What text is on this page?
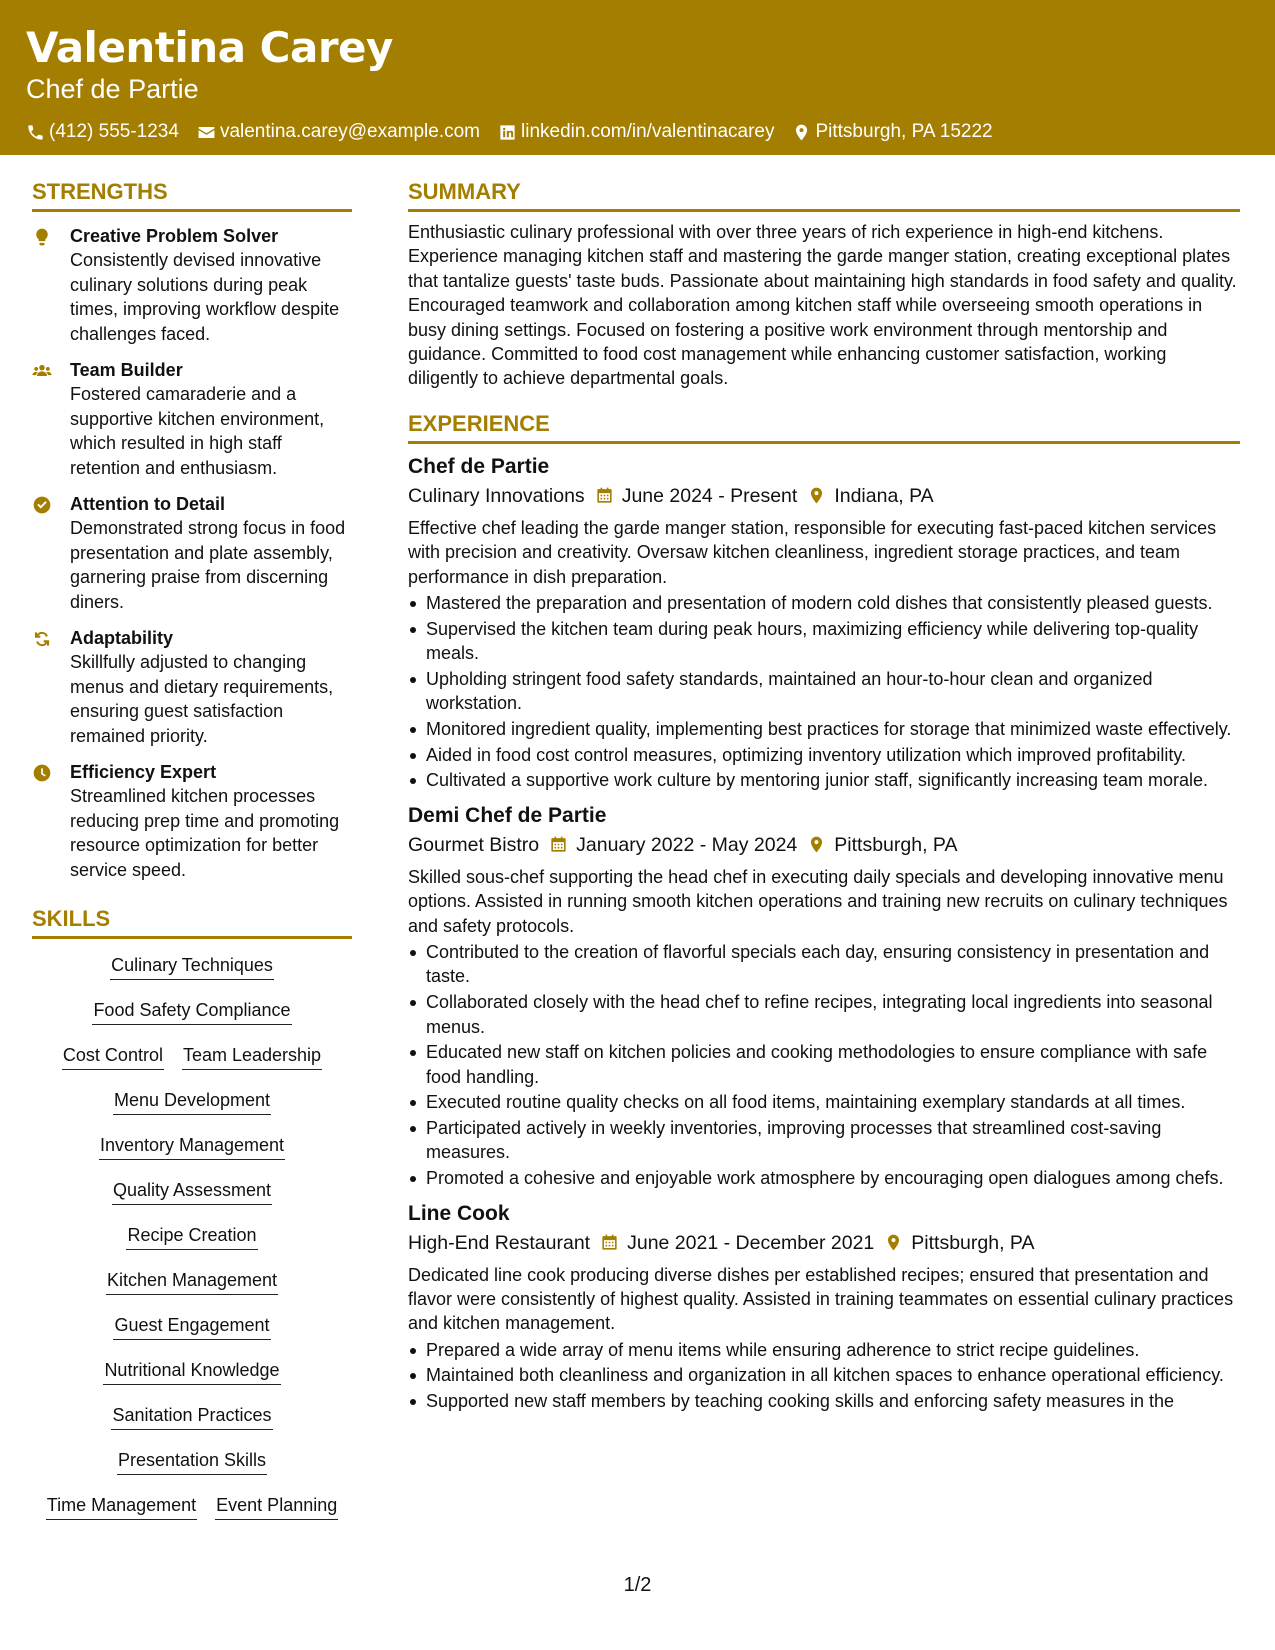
Valentina Carey
Chef de Partie
(412) 555-1234 valentina.carey@example.com linkedin.com/in/valentinacarey Pittsburgh, PA 15222
STRENGTHS
Creative Problem Solver
Consistently devised innovative culinary solutions during peak times, improving workflow despite challenges faced.
Team Builder
Fostered camaraderie and a supportive kitchen environment, which resulted in high staff retention and enthusiasm.
Attention to Detail
Demonstrated strong focus in food presentation and plate assembly, garnering praise from discerning diners.
Adaptability
Skillfully adjusted to changing menus and dietary requirements, ensuring guest satisfaction remained priority.
Efficiency Expert
Streamlined kitchen processes reducing prep time and promoting resource optimization for better service speed.
SKILLS
Culinary Techniques
Food Safety Compliance
Cost Control Team Leadership
Menu Development
Inventory Management
Quality Assessment
Recipe Creation
Kitchen Management
Guest Engagement
Nutritional Knowledge
Sanitation Practices
Presentation Skills
Time Management Event Planning
SUMMARY
Enthusiastic culinary professional with over three years of rich experience in high-end kitchens. Experience managing kitchen staff and mastering the garde manger station, creating exceptional plates that tantalize guests' taste buds. Passionate about maintaining high standards in food safety and quality. Encouraged teamwork and collaboration among kitchen staff while overseeing smooth operations in busy dining settings. Focused on fostering a positive work environment through mentorship and guidance. Committed to food cost management while enhancing customer satisfaction, working diligently to achieve departmental goals.
EXPERIENCE
Chef de Partie
Culinary Innovations June 2024 - Present Indiana, PA
Effective chef leading the garde manger station, responsible for executing fast-paced kitchen services with precision and creativity. Oversaw kitchen cleanliness, ingredient storage practices, and team performance in dish preparation.
Mastered the preparation and presentation of modern cold dishes that consistently pleased guests.
Supervised the kitchen team during peak hours, maximizing efficiency while delivering top-quality meals.
Upholding stringent food safety standards, maintained an hour-to-hour clean and organized workstation.
Monitored ingredient quality, implementing best practices for storage that minimized waste effectively.
Aided in food cost control measures, optimizing inventory utilization which improved profitability.
Cultivated a supportive work culture by mentoring junior staff, significantly increasing team morale.
Demi Chef de Partie
Gourmet Bistro January 2022 - May 2024 Pittsburgh, PA
Skilled sous-chef supporting the head chef in executing daily specials and developing innovative menu options. Assisted in running smooth kitchen operations and training new recruits on culinary techniques and safety protocols.
Contributed to the creation of flavorful specials each day, ensuring consistency in presentation and taste.
Collaborated closely with the head chef to refine recipes, integrating local ingredients into seasonal menus.
Educated new staff on kitchen policies and cooking methodologies to ensure compliance with safe food handling.
Executed routine quality checks on all food items, maintaining exemplary standards at all times.
Participated actively in weekly inventories, improving processes that streamlined cost-saving measures.
Promoted a cohesive and enjoyable work atmosphere by encouraging open dialogues among chefs.
Line Cook
High-End Restaurant June 2021 - December 2021 Pittsburgh, PA
Dedicated line cook producing diverse dishes per established recipes; ensured that presentation and flavor were consistently of highest quality. Assisted in training teammates on essential culinary practices and kitchen management.
Prepared a wide array of menu items while ensuring adherence to strict recipe guidelines.
Maintained both cleanliness and organization in all kitchen spaces to enhance operational efficiency.
Supported new staff members by teaching cooking skills and enforcing safety measures in the
1/2
